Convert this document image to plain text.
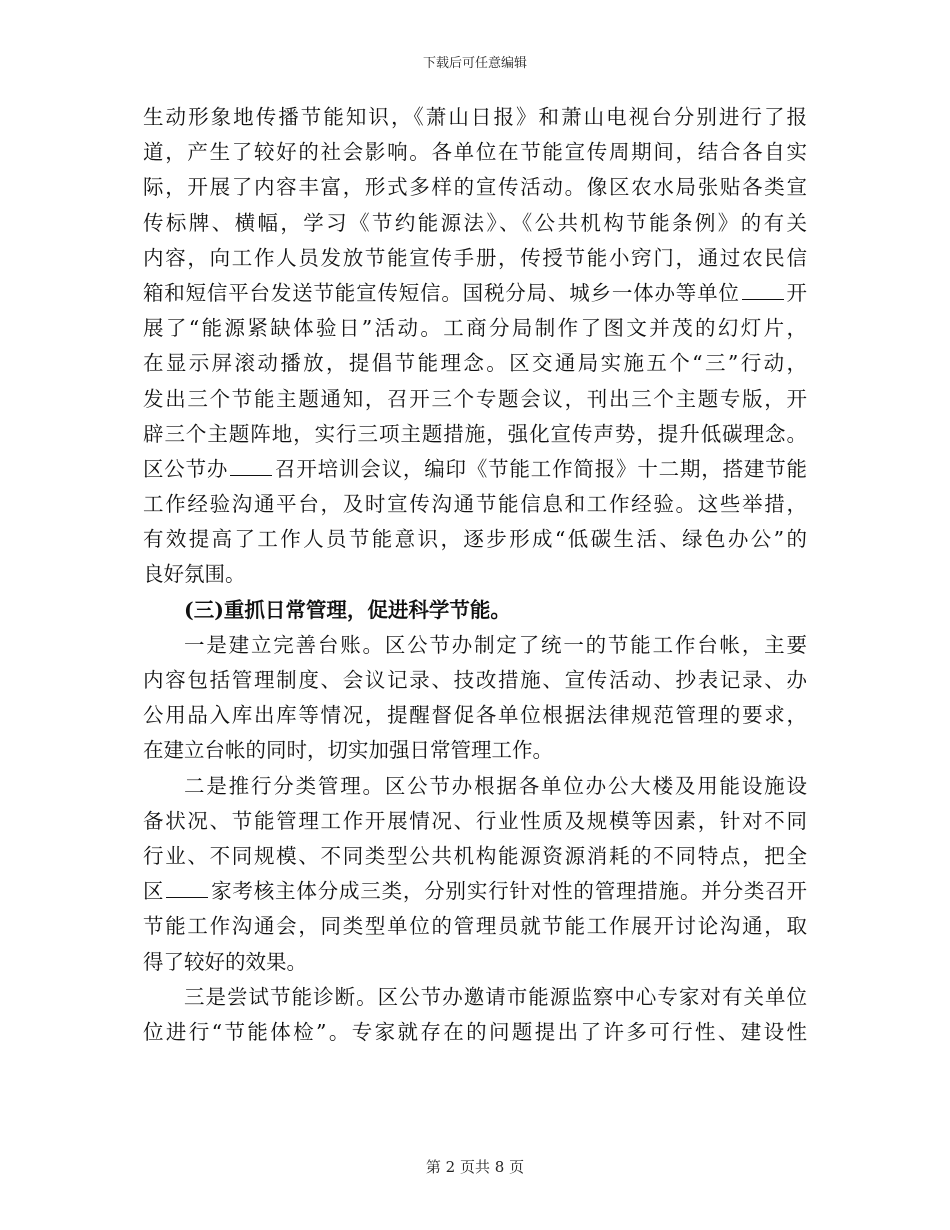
下载后可任意编辑
生动形象地传播节能知识，《萧山日报》和萧山电视台分别进行了报
道，产生了较好的社会影响。各单位在节能宣传周期间，结合各自实
际，开展了内容丰富，形式多样的宣传活动。像区农水局张贴各类宣
传标牌、横幅，学习《节约能源法》、《公共机构节能条例》的有关
内容，向工作人员发放节能宣传手册，传授节能小窍门，通过农民信
箱和短信平台发送节能宣传短信。国税分局、城乡一体办等单位 开
展了“能源紧缺体验日”活动。工商分局制作了图文并茂的幻灯片，
在显示屏滚动播放，提倡节能理念。区交通局实施五个“三”行动，
发出三个节能主题通知，召开三个专题会议，刊出三个主题专版，开
辟三个主题阵地，实行三项主题措施，强化宣传声势，提升低碳理念。
区公节办 召开培训会议，编印《节能工作简报》十二期，搭建节能
工作经验沟通平台，及时宣传沟通节能信息和工作经验。这些举措，
有效提高了工作人员节能意识，逐步形成“低碳生活、绿色办公”的
良好氛围。
(三)重抓日常管理，促进科学节能。
一是建立完善台账。区公节办制定了统一的节能工作台帐，主要
内容包括管理制度、会议记录、技改措施、宣传活动、抄表记录、办
公用品入库出库等情况，提醒督促各单位根据法律规范管理的要求，
在建立台帐的同时，切实加强日常管理工作。
二是推行分类管理。区公节办根据各单位办公大楼及用能设施设
备状况、节能管理工作开展情况、行业性质及规模等因素，针对不同
行业、不同规模、不同类型公共机构能源资源消耗的不同特点，把全
区 家考核主体分成三类，分别实行针对性的管理措施。并分类召开
节能工作沟通会，同类型单位的管理员就节能工作展开讨论沟通，取
得了较好的效果。
三是尝试节能诊断。区公节办邀请市能源监察中心专家对有关单位
位进行“节能体检”。专家就存在的问题提出了许多可行性、建设性
第 2 页共 8 页
